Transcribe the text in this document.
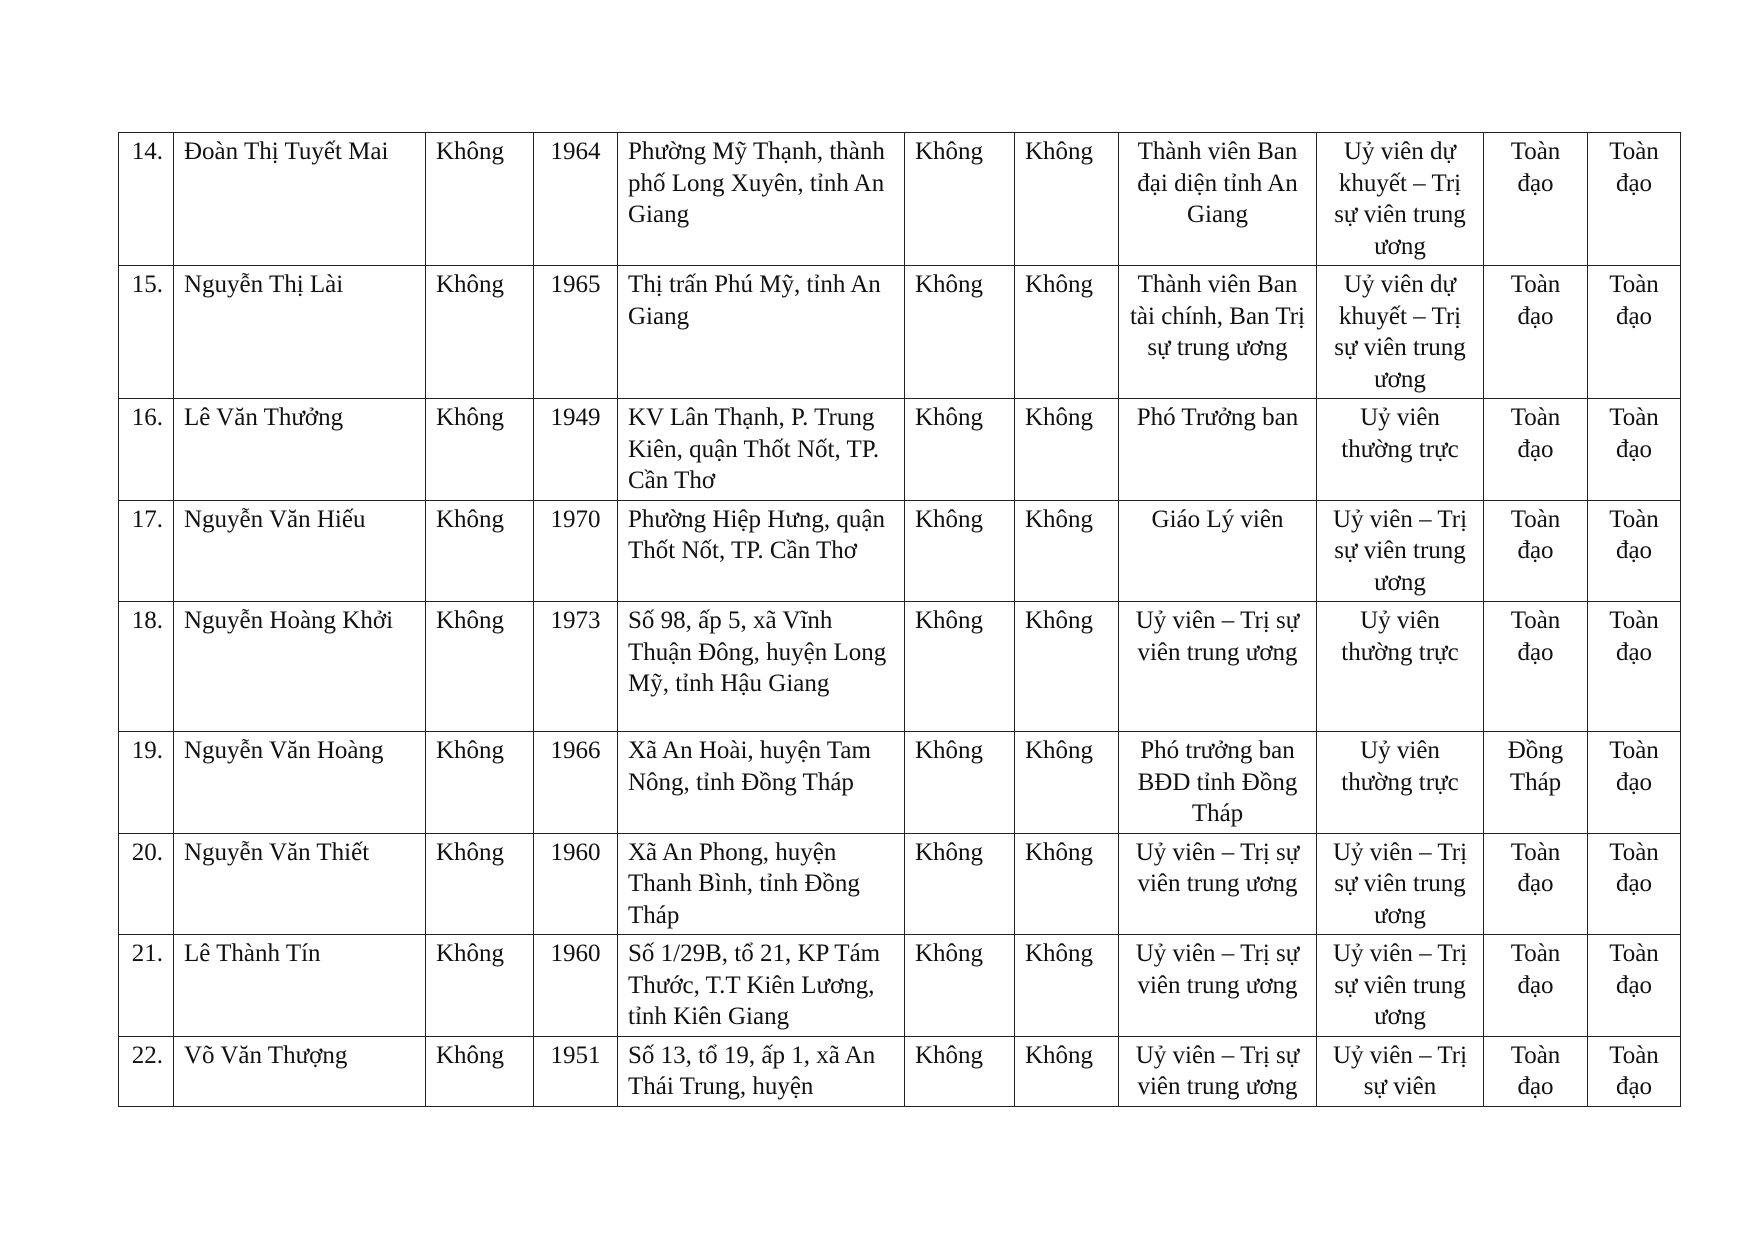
14.	Đoàn Thị Tuyết Mai	Không	1964	Phường Mỹ Thạnh, thành phố Long Xuyên, tỉnh An Giang	Không	Không	Thành viên Ban đại diện tỉnh An Giang	Uỷ viên dự khuyết – Trị sự viên trung ương	Toàn đạo	Toàn đạo
15.	Nguyễn Thị Lài	Không	1965	Thị trấn Phú Mỹ, tỉnh An Giang	Không	Không	Thành viên Ban tài chính, Ban Trị sự trung ương	Uỷ viên dự khuyết – Trị sự viên trung ương	Toàn đạo	Toàn đạo
16.	Lê Văn Thưởng	Không	1949	KV Lân Thạnh, P. Trung Kiên, quận Thốt Nốt, TP. Cần Thơ	Không	Không	Phó Trưởng ban	Uỷ viên thường trực	Toàn đạo	Toàn đạo
17.	Nguyễn Văn Hiếu	Không	1970	Phường Hiệp Hưng, quận Thốt Nốt, TP. Cần Thơ	Không	Không	Giáo Lý viên	Uỷ viên – Trị sự viên trung ương	Toàn đạo	Toàn đạo
18.	Nguyễn Hoàng Khởi	Không	1973	Số 98, ấp 5, xã Vĩnh Thuận Đông, huyện Long Mỹ, tỉnh Hậu Giang	Không	Không	Uỷ viên – Trị sự viên trung ương	Uỷ viên thường trực	Toàn đạo	Toàn đạo
19.	Nguyễn Văn Hoàng	Không	1966	Xã An Hoài, huyện Tam Nông, tỉnh Đồng Tháp	Không	Không	Phó trưởng ban BĐD tỉnh Đồng Tháp	Uỷ viên thường trực	Đồng Tháp	Toàn đạo
20.	Nguyễn Văn Thiết	Không	1960	Xã An Phong, huyện Thanh Bình, tỉnh Đồng Tháp	Không	Không	Uỷ viên – Trị sự viên trung ương	Uỷ viên – Trị sự viên trung ương	Toàn đạo	Toàn đạo
21.	Lê Thành Tín	Không	1960	Số 1/29B, tổ 21, KP Tám Thước, T.T Kiên Lương, tỉnh Kiên Giang	Không	Không	Uỷ viên – Trị sự viên trung ương	Uỷ viên – Trị sự viên trung ương	Toàn đạo	Toàn đạo
22.	Võ Văn Thượng	Không	1951	Số 13, tổ 19, ấp 1, xã An Thái Trung, huyện	Không	Không	Uỷ viên – Trị sự viên trung ương	Uỷ viên – Trị sự viên	Toàn đạo	Toàn đạo
